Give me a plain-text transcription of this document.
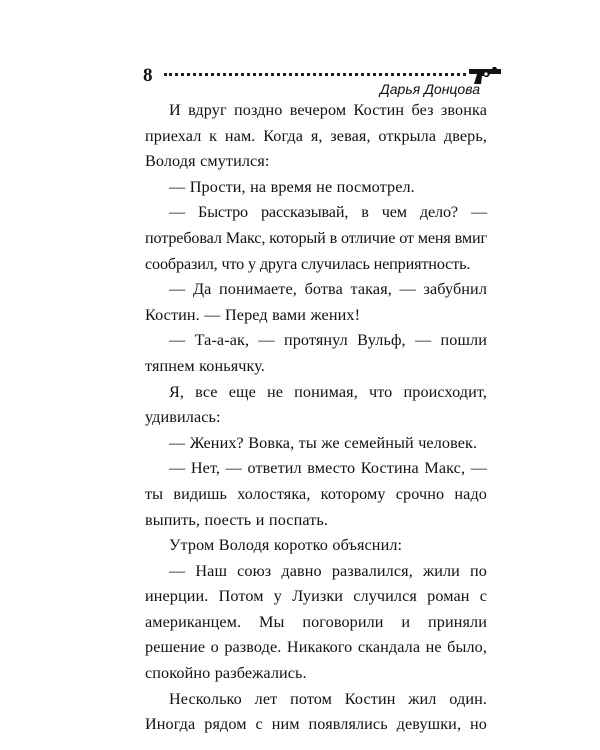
8
Дарья Донцова

И вдруг поздно вечером Костин без звонка приехал к нам. Когда я, зевая, открыла дверь, Володя смутился:

— Прости, на время не посмотрел.

— Быстро рассказывай, в чем дело? — потребовал Макс, который в отличие от меня вмиг сообразил, что у друга случилась неприятность.

— Да понимаете, ботва такая, — забубнил Костин. — Перед вами жених!

— Та-а-ак, — протянул Вульф, — пошли тяпнем коньячку.

Я, все еще не понимая, что происходит, удивилась:

— Жених? Вовка, ты же семейный человек.

— Нет, — ответил вместо Костина Макс, — ты видишь холостяка, которому срочно надо выпить, поесть и поспать.

Утром Володя коротко объяснил:

— Наш союз давно развалился, жили по инерции. Потом у Луизки случился роман с американцем. Мы поговорили и приняли решение о разводе. Никакого скандала не было, спокойно разбежались.

Несколько лет потом Костин жил один. Иногда рядом с ним появлялись девушки, но
